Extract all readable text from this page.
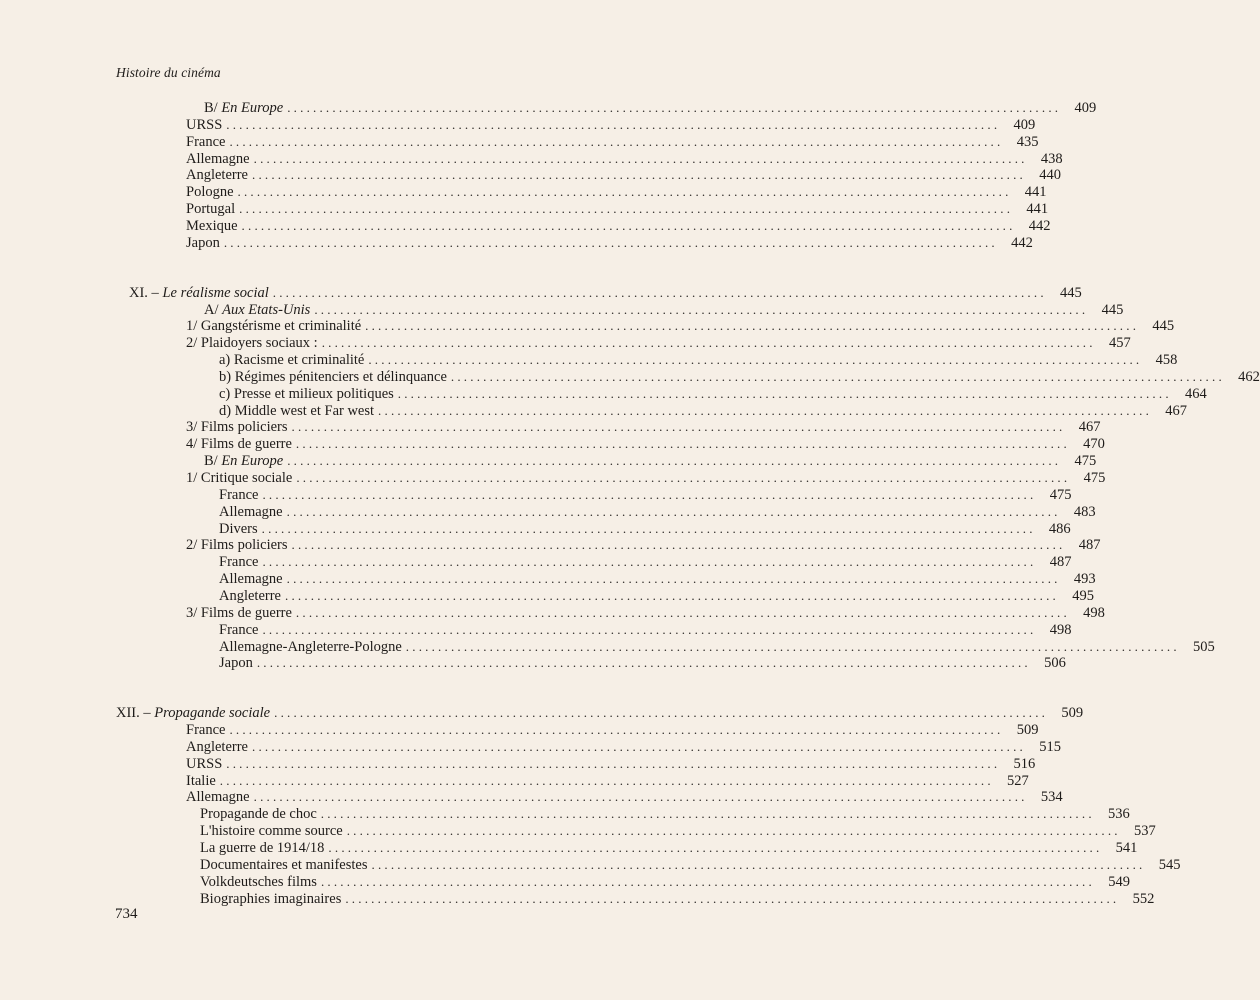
Histoire du cinéma
B/ En Europe ........................................................................................................................ 409
URSS ........................................................................................................................ 409
France ........................................................................................................................ 435
Allemagne ........................................................................................................................ 438
Angleterre ........................................................................................................................ 440
Pologne ........................................................................................................................ 441
Portugal ........................................................................................................................ 441
Mexique ........................................................................................................................ 442
Japon ........................................................................................................................ 442
XI. – Le réalisme social ........................................................................................................................ 445
A/ Aux Etats-Unis ........................................................................................................................ 445
1/ Gangstérisme et criminalité ........................................................................................................................ 445
2/ Plaidoyers sociaux : ........................................................................................................................ 457
a) Racisme et criminalité ........................................................................................................................ 458
b) Régimes pénitenciers et délinquance ........................................................................................................................ 462
c) Presse et milieux politiques ........................................................................................................................ 464
d) Middle west et Far west ........................................................................................................................ 467
3/ Films policiers ........................................................................................................................ 467
4/ Films de guerre ........................................................................................................................ 470
B/ En Europe ........................................................................................................................ 475
1/ Critique sociale ........................................................................................................................ 475
France ........................................................................................................................ 475
Allemagne ........................................................................................................................ 483
Divers ........................................................................................................................ 486
2/ Films policiers ........................................................................................................................ 487
France ........................................................................................................................ 487
Allemagne ........................................................................................................................ 493
Angleterre ........................................................................................................................ 495
3/ Films de guerre ........................................................................................................................ 498
France ........................................................................................................................ 498
Allemagne-Angleterre-Pologne ........................................................................................................................ 505
Japon ........................................................................................................................ 506
XII. – Propagande sociale ........................................................................................................................ 509
France ........................................................................................................................ 509
Angleterre ........................................................................................................................ 515
URSS ........................................................................................................................ 516
Italie ........................................................................................................................ 527
Allemagne ........................................................................................................................ 534
Propagande de choc ........................................................................................................................ 536
L'histoire comme source ........................................................................................................................ 537
La guerre de 1914/18 ........................................................................................................................ 541
Documentaires et manifestes ........................................................................................................................ 545
Volkdeutsches films ........................................................................................................................ 549
Biographies imaginaires ........................................................................................................................ 552
734
